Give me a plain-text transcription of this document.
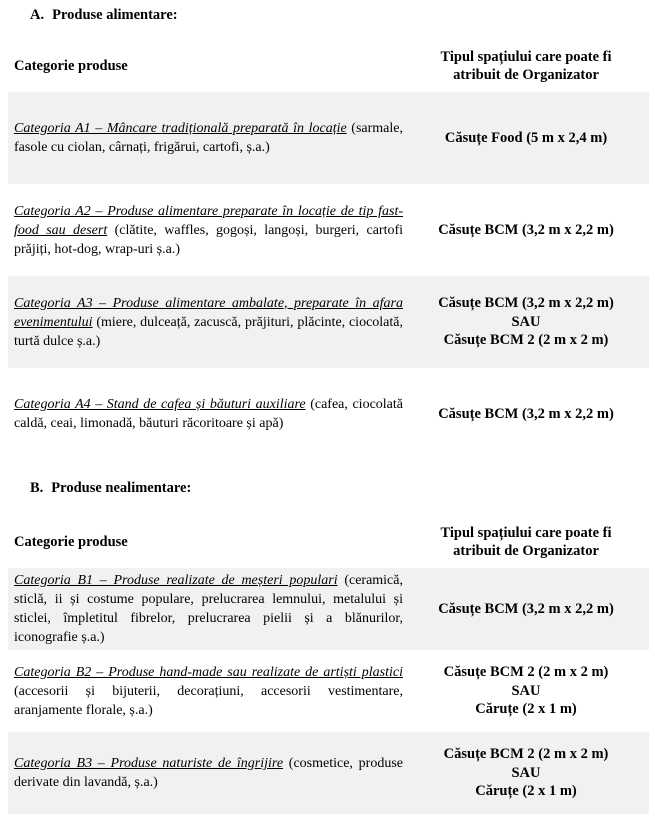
A. Produse alimentare:
Categorie produse	Tipul spațiului care poate fi
atribuit de Organizator

Categoria A1 – Mâncare tradițională preparată în locație (sarmale, fasole cu ciolan, cârnați, frigărui, cartofi, ș.a.)	Căsuțe Food (5 m x 2,4 m)

Categoria A2 – Produse alimentare preparate în locație de tip fast-food sau desert (clătite, waffles, gogoși, langoși, burgeri, cartofi prăjiți, hot-dog, wrap-uri ș.a.)	Căsuțe BCM (3,2 m x 2,2 m)

Categoria A3 – Produse alimentare ambalate, preparate în afara evenimentului (miere, dulceață, zacuscă, prăjituri, plăcinte, ciocolată, turtă dulce ș.a.)	Căsuțe BCM (3,2 m x 2,2 m)
SAU
Căsuțe BCM 2 (2 m x 2 m)

Categoria A4 – Stand de cafea și băuturi auxiliare (cafea, ciocolată caldă, ceai, limonadă, băuturi răcoritoare și apă)	Căsuțe BCM (3,2 m x 2,2 m)
B. Produse nealimentare:
Categorie produse	Tipul spațiului care poate fi
atribuit de Organizator

Categoria B1 – Produse realizate de meșteri populari (ceramică, sticlă, ii și costume populare, prelucrarea lemnului, metalului și sticlei, împletitul fibrelor, prelucrarea pielii și a blănurilor, iconografie ș.a.)	Căsuțe BCM (3,2 m x 2,2 m)

Categoria B2 – Produse hand-made sau realizate de artiști plastici (accesorii și bijuterii, decorațiuni, accesorii vestimentare, aranjamente florale, ș.a.)	Căsuțe BCM 2 (2 m x 2 m)
SAU
Căruțe (2 x 1 m)

Categoria B3 – Produse naturiste de îngrijire (cosmetice, produse derivate din lavandă, ș.a.)	Căsuțe BCM 2 (2 m x 2 m)
SAU
Căruțe (2 x 1 m)
